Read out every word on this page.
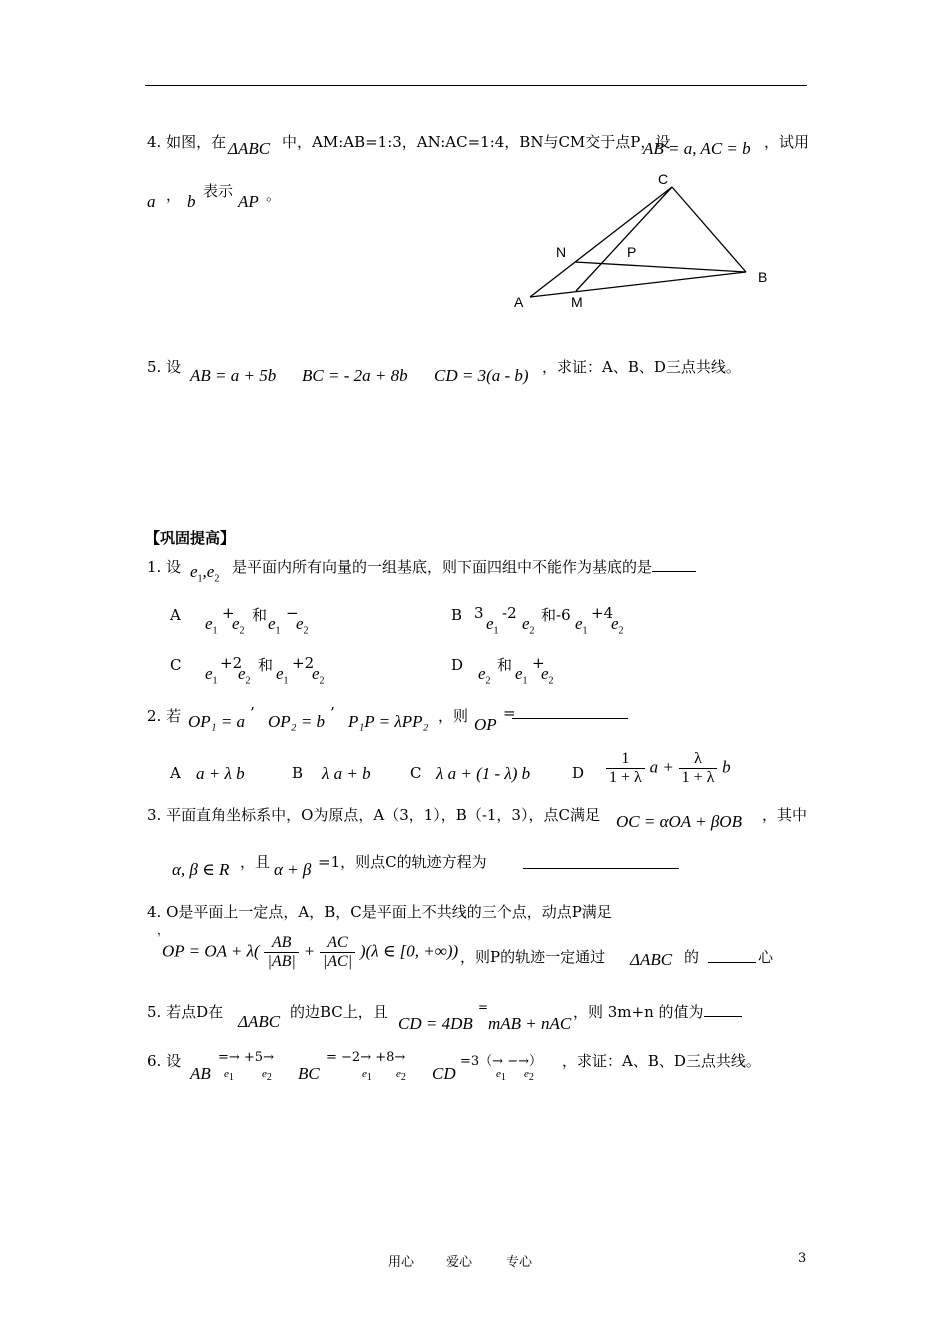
4. 如图，在 ΔABC 中，AM:AB=1:3，AN:AC=1:4，BN与CM交于点P，设
AB = a, AC = b ，试用
a ， b
表示
AP 。
C
N	P
B
A	M
5. 设 AB = a + 5b BC = - 2a + 8b CD = 3(a - b) ，求证：A、B、D三点共线。
【巩固提高】
1. 设 $e_1,e_2$
是平面内所有向量的一组基底，则下面四组中不能作为基底的是
A $e_1$
+
$e_2$
和 $e_1$
−
$e_2$
B 3
$e_1$
-2
$e_2$
和-6 $e_1$
+4
$e_2$
C $e_1$
+2
$e_2$
和 $e_1$
+2
$e_2$
D $e_2$
和 $e_1$
+
$e_2$
2. 若 OP₁ = a ’ OP₂ = b ’ P₁P = λPP₂ ，则 OP
=
A a + λ b	B λ a + b	C λ a + (1 - λ) b	D $\frac{1}{1 + \lambda}$ $a + \frac{\lambda}{1 + \lambda}$ b
3. 平面直角坐标系中，O为原点，A（3，1），B（-1，3），点C满足 OC = αOA + βOB ，其中
α, β ∈ R ，且 α + β =1，则点C的轨迹方程为
4. O是平面上一定点，A，B，C是平面上不共线的三个点，动点P满足
，
OP = OA + $\lambda( \frac{AB}{|AB|} + \frac{AC}{|AC|} )(\lambda$ ∈ [0, +∞)) ，则P的轨迹一定通过 ΔABC 的	心
5. 若点D在 ΔABC 的边BC上，且
CD = 4DB
=
mAB + nAC
，则 3m+n 的值为
6. 设
AB
=→ +5→
$e_1$	$e_2$ BC
= −2→ +8→
$e_1$ $e_2$ CD
=3（→ −→）
$e_1$ $e_2$
，求证：A、B、D三点共线。
用心 爱心	专心	3
